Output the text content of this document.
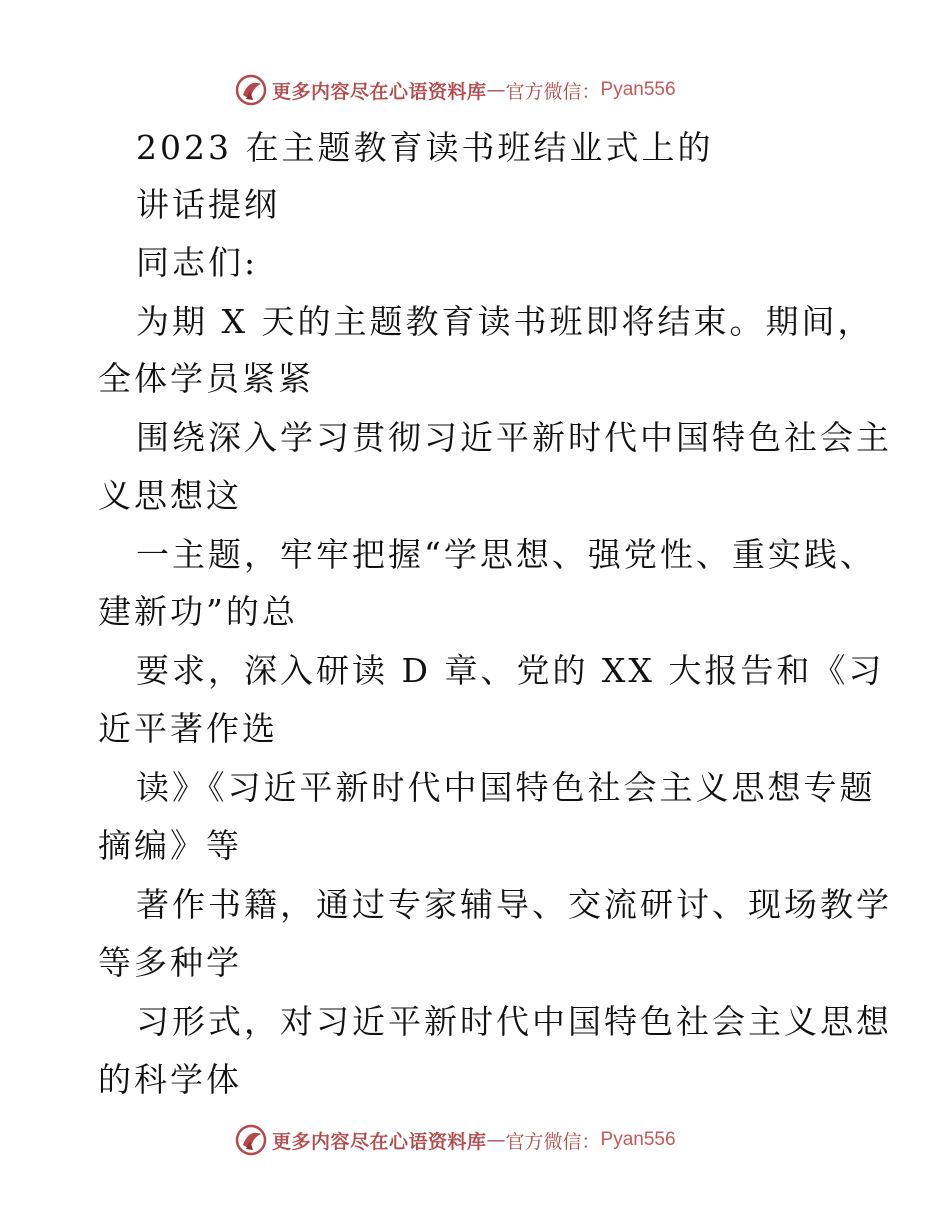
更多内容尽在心语资料库 — 官方微信： Pyan556
2023 在主题教育读书班结业式上的
讲话提纲
同志们:
为期 X 天的主题教育读书班即将结束。期间，
全体学员紧紧
围绕深入学习贯彻习近平新时代中国特色社会主
义思想这
一主题，牢牢把握“学思想、强党性、重实践、
建新功”的总
要求，深入研读 D 章、党的 XX 大报告和《习
近平著作选
读》《习近平新时代中国特色社会主义思想专题
摘编》等
著作书籍，通过专家辅导、交流研讨、现场教学
等多种学
习形式，对习近平新时代中国特色社会主义思想
的科学体
更多内容尽在心语资料库 — 官方微信： Pyan556
